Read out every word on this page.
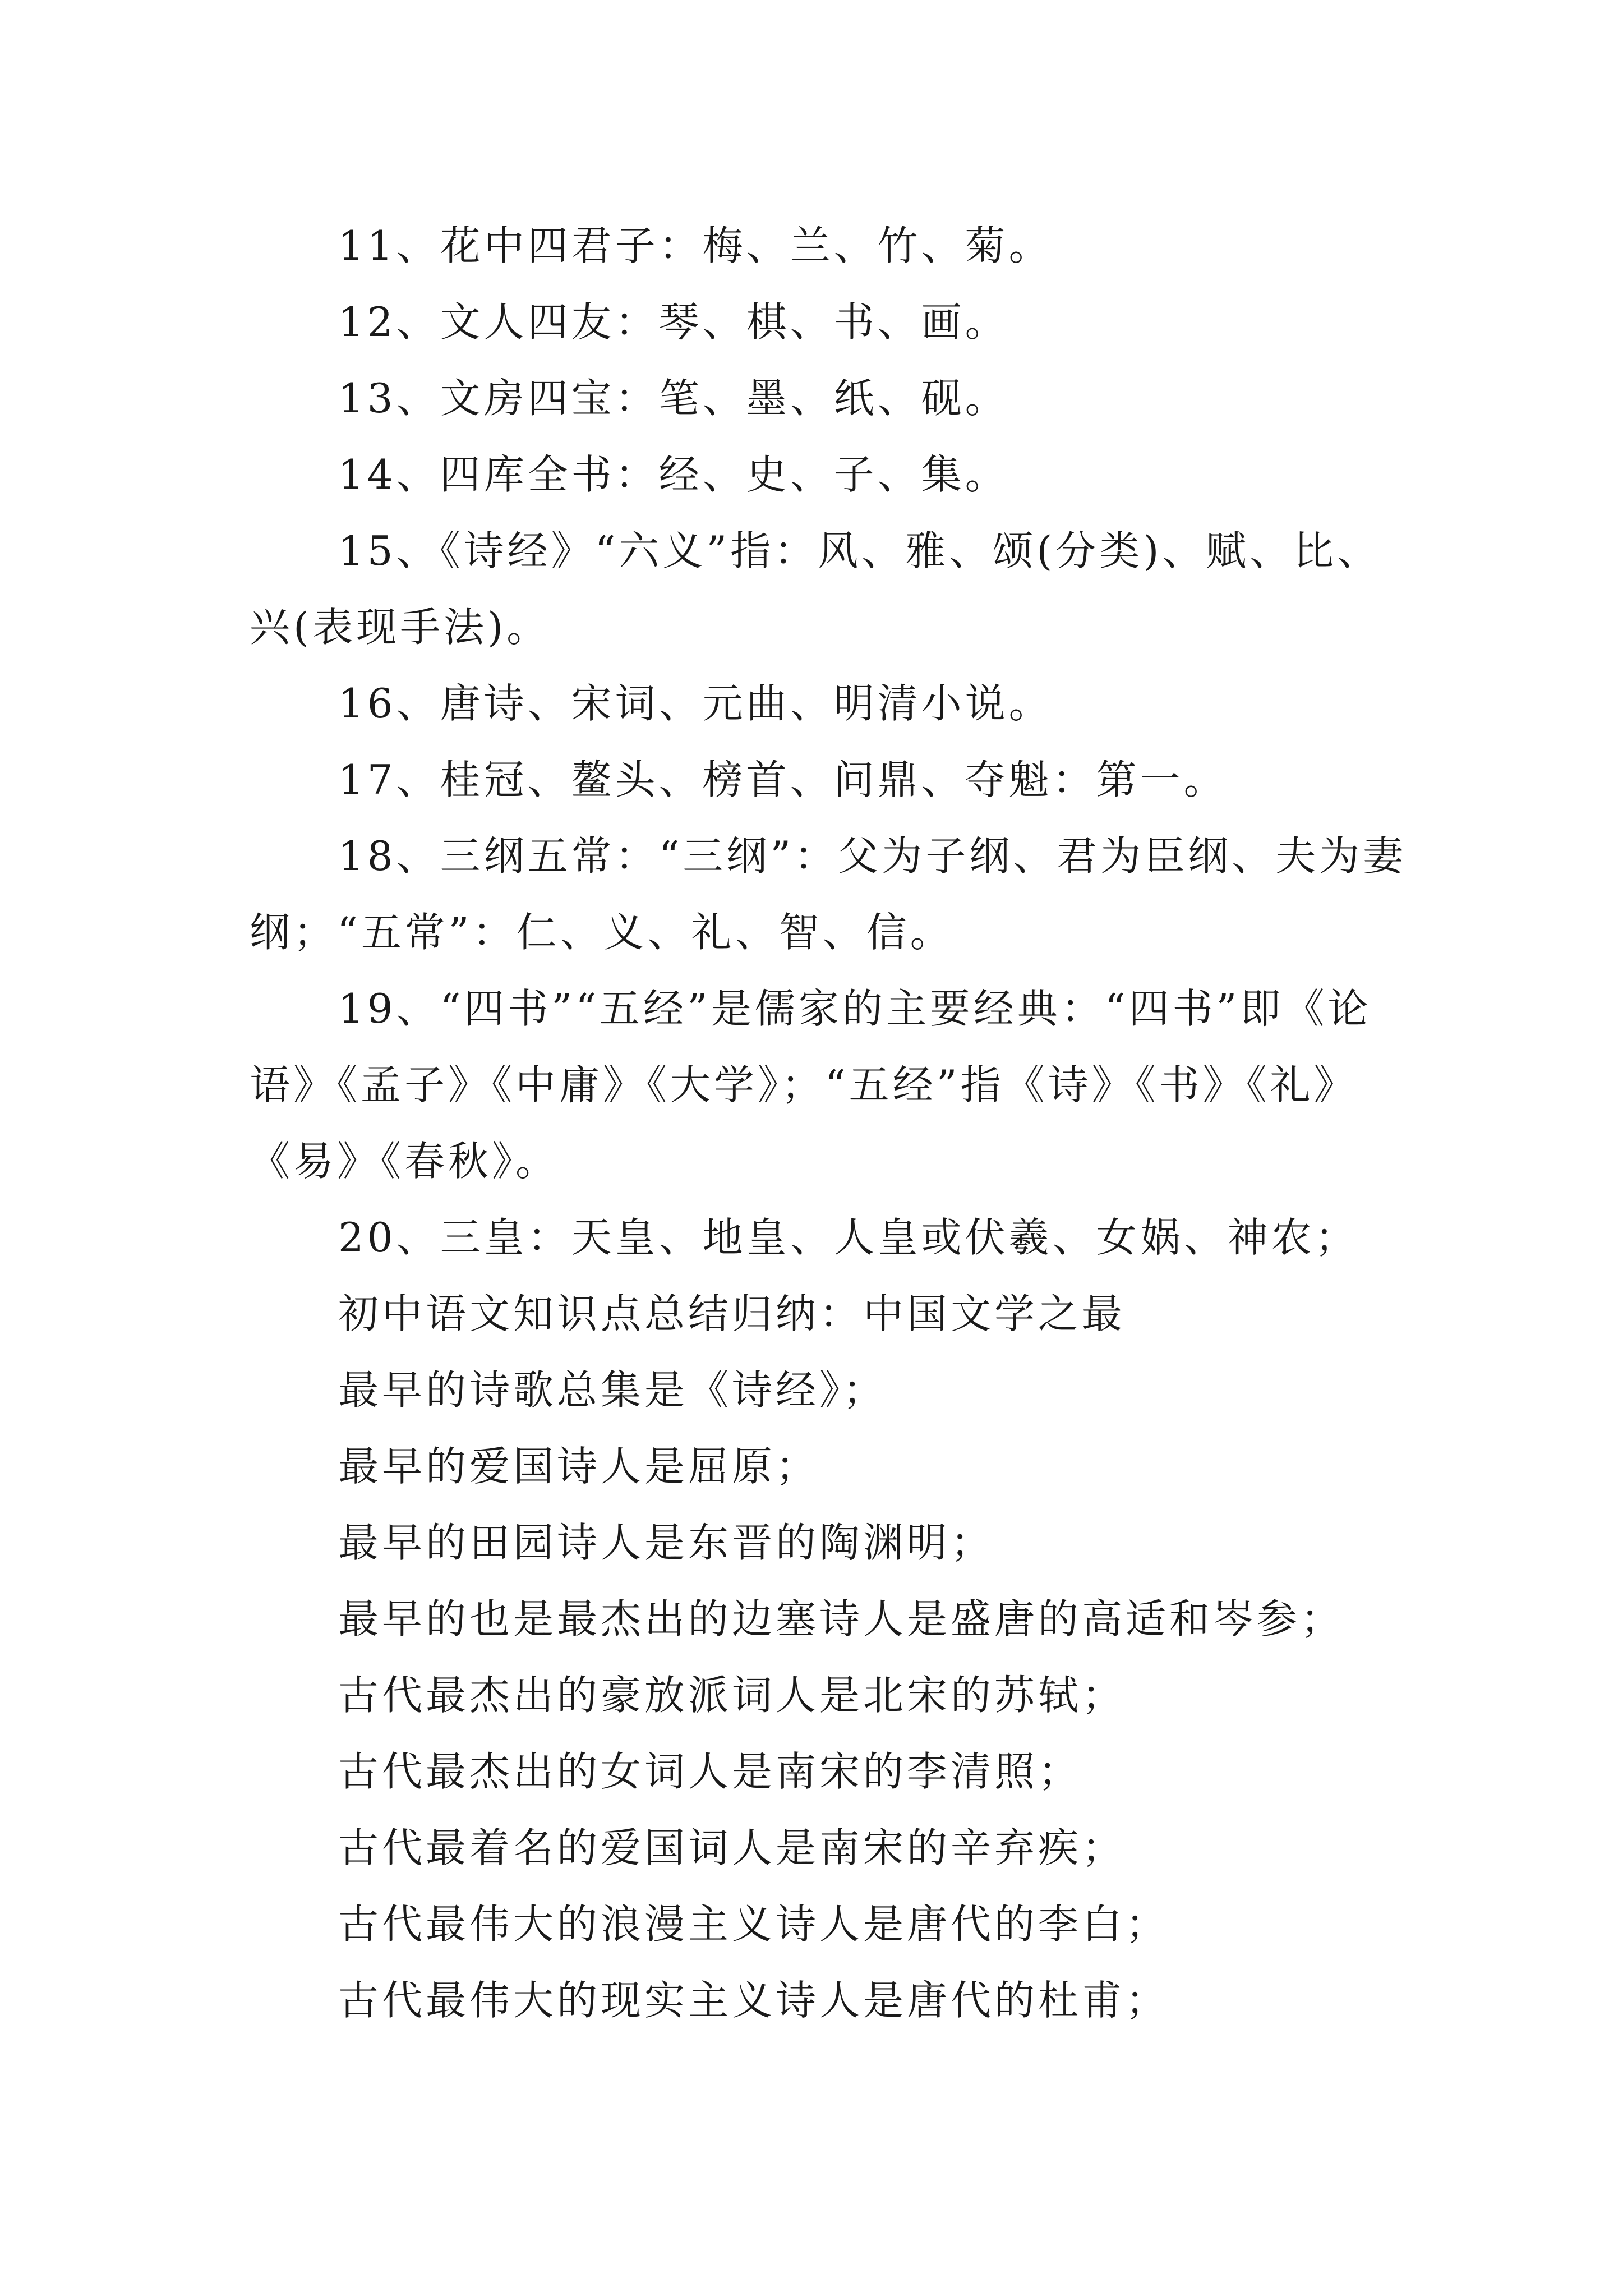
11、花中四君子：梅、兰、竹、菊。
12、文人四友：琴、棋、书、画。
13、文房四宝：笔、墨、纸、砚。
14、四库全书：经、史、子、集。
15、《诗经》“六义”指：风、雅、颂(分类)、赋、比、
兴(表现手法)。
16、唐诗、宋词、元曲、明清小说。
17、桂冠、鳌头、榜首、问鼎、夺魁：第一。
18、三纲五常：“三纲”：父为子纲、君为臣纲、夫为妻
纲；“五常”：仁、义、礼、智、信。
19、“四书”“五经”是儒家的主要经典：“四书”即《论
语》《孟子》《中庸》《大学》；“五经”指《诗》《书》《礼》
《易》《春秋》。
20、三皇：天皇、地皇、人皇或伏羲、女娲、神农；
初中语文知识点总结归纳：中国文学之最
最早的诗歌总集是《诗经》；
最早的爱国诗人是屈原；
最早的田园诗人是东晋的陶渊明；
最早的也是最杰出的边塞诗人是盛唐的高适和岑参；
古代最杰出的豪放派词人是北宋的苏轼；
古代最杰出的女词人是南宋的李清照；
古代最着名的爱国词人是南宋的辛弃疾；
古代最伟大的浪漫主义诗人是唐代的李白；
古代最伟大的现实主义诗人是唐代的杜甫；
